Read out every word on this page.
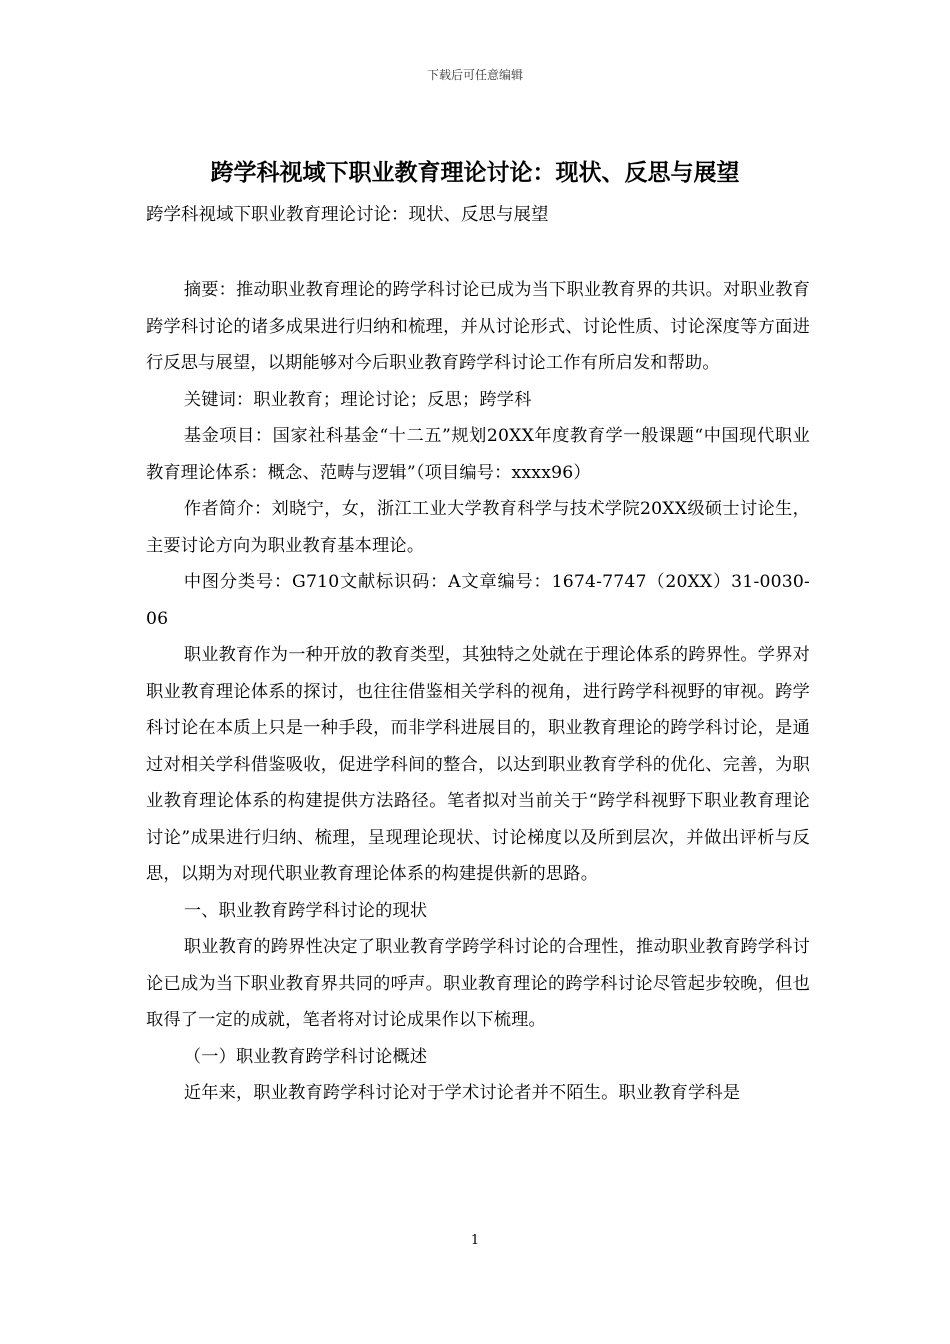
下载后可任意编辑
跨学科视域下职业教育理论讨论：现状、反思与展望

跨学科视域下职业教育理论讨论：现状、反思与展望

摘要：推动职业教育理论的跨学科讨论已成为当下职业教育界的共识。对职业教育跨学科讨论的诸多成果进行归纳和梳理，并从讨论形式、讨论性质、讨论深度等方面进行反思与展望，以期能够对今后职业教育跨学科讨论工作有所启发和帮助。

关键词：职业教育；理论讨论；反思；跨学科

基金项目：国家社科基金“十二五”规划20XX年度教育学一般课题“中国现代职业教育理论体系：概念、范畴与逻辑”（项目编号：xxxx96）

作者简介：刘晓宁，女，浙江工业大学教育科学与技术学院20XX级硕士讨论生，主要讨论方向为职业教育基本理论。

中图分类号：G710文献标识码：A文章编号：1674-7747（20XX）31-0030-06

职业教育作为一种开放的教育类型，其独特之处就在于理论体系的跨界性。学界对职业教育理论体系的探讨，也往往借鉴相关学科的视角，进行跨学科视野的审视。跨学科讨论在本质上只是一种手段，而非学科进展目的，职业教育理论的跨学科讨论，是通过对相关学科借鉴吸收，促进学科间的整合，以达到职业教育学科的优化、完善，为职业教育理论体系的构建提供方法路径。笔者拟对当前关于“跨学科视野下职业教育理论讨论”成果进行归纳、梳理，呈现理论现状、讨论梯度以及所到层次，并做出评析与反思，以期为对现代职业教育理论体系的构建提供新的思路。

一、职业教育跨学科讨论的现状

职业教育的跨界性决定了职业教育学跨学科讨论的合理性，推动职业教育跨学科讨论已成为当下职业教育界共同的呼声。职业教育理论的跨学科讨论尽管起步较晚，但也取得了一定的成就，笔者将对讨论成果作以下梳理。

（一）职业教育跨学科讨论概述

近年来，职业教育跨学科讨论对于学术讨论者并不陌生。职业教育学科是

1
